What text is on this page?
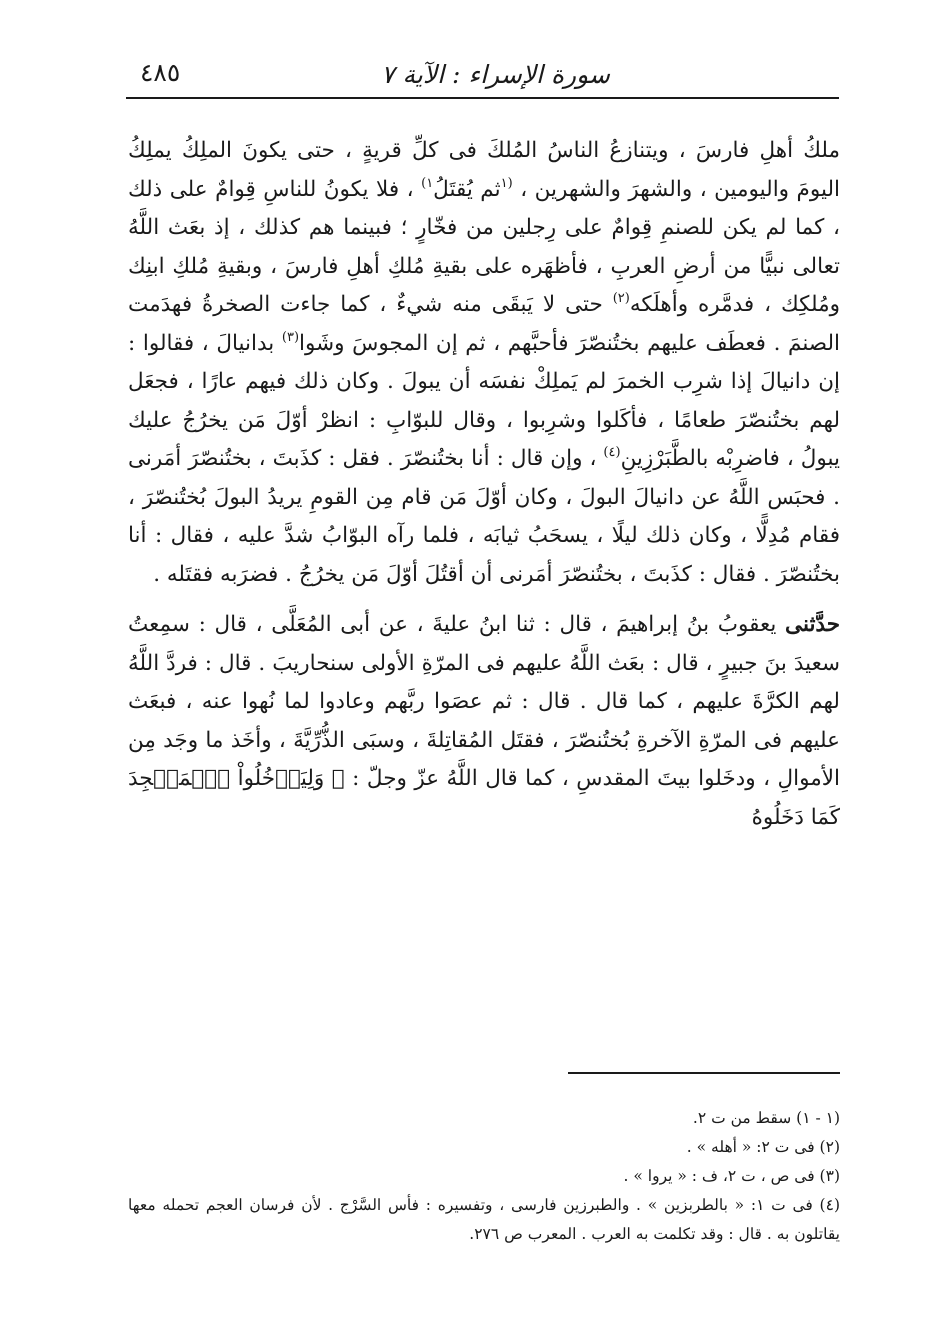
سورة الإسراء : الآية ٧
٤٨٥

ملكُ أهلِ فارسَ ، ويتنازعُ الناسُ المُلكَ فى كلِّ قريةٍ ، حتى يكونَ الملِكُ يملِكُ اليومَ واليومين ، والشهرَ والشهرين ، $^{(١}$ثم يُقتَلُ$^{١)}$ ، فلا يكونُ للناسِ قِوامٌ على ذلك ، كما لم يكن للصنمِ قِوامٌ على رِجلين من فخّارٍ ؛ فبينما هم كذلك ، إذ بعَث اللَّهُ تعالى نبيًّا من أرضِ العربِ ، فأظهَره على بقيةِ مُلكِ أهلِ فارسَ ، وبقيةِ مُلكِ ابنِك ومُلكِك ، فدمَّره وأهلَكه$^{(٢)}$ حتى لا يَبقَى منه شيءٌ ، كما جاءت الصخرةُ فهدَمت الصنمَ . فعطَف عليهم بختُنصّرَ فأحبَّهم ، ثم إن المجوسَ وشَوا$^{(٣)}$ بدانيالَ ، فقالوا : إن دانيالَ إذا شرِب الخمرَ لم يَملِكْ نفسَه أن يبولَ . وكان ذلك فيهم عارًا ، فجعَل لهم بختُنصّرَ طعامًا ، فأكَلوا وشرِبوا ، وقال للبوّابِ : انظرْ أوّلَ مَن يخرُجُ عليك يبولُ ، فاضرِبْه بالطَّبَرْزِينِ$^{(٤)}$ ، وإن قال : أنا بختُنصّرَ . فقل : كذَبتَ ، بختُنصّرَ أمَرنى . فحبَس اللَّهُ عن دانيالَ البولَ ، وكان أوّلَ مَن قام مِن القومِ يريدُ البولَ بُختُنصّرَ ، فقام مُدِلًّا ، وكان ذلك ليلًا ، يسحَبُ ثيابَه ، فلما رآه البوّابُ شدَّ عليه ، فقال : أنا بختُنصّرَ . فقال : كذَبتَ ، بختُنصّرَ أمَرنى أن أقتُلَ أوّلَ مَن يخرُجُ . فضرَبه فقتَله .

حدَّثنى يعقوبُ بنُ إبراهيمَ ، قال : ثنا ابنُ عليةَ ، عن أبى المُعَلَّى ، قال : سمِعتُ سعيدَ بنَ جبيرٍ ، قال : بعَث اللَّهُ عليهم فى المرّةِ الأولى سنحاريبَ . قال : فردَّ اللَّهُ لهم الكرَّةَ عليهم ، كما قال . قال : ثم عصَوا ربَّهم وعادوا لما نُهوا عنه ، فبعَث عليهم فى المرّةِ الآخرةِ بُختُنصّرَ ، فقتَل المُقاتِلةَ ، وسبَى الذُّرِّيَّةَ ، وأخَذ ما وجَد مِن الأموالِ ، ودخَلوا بيتَ المقدسِ ، كما قال اللَّهُ عزّ وجلّ : ﴿ وَلِيَدۡخُلُواْ ٱلۡمَسۡجِدَ كَمَا دَخَلُوهُ

(١ - ١) سقط من ت ٢.
(٢) فى ت ٢: « أهله » .
(٣) فى ص ، ت ٢، ف : « يروا » .
(٤) فى ت ١: « بالطربزين » . والطبرزين فارسى ، وتفسيره : فأس السَّرْج . لأن فرسان العجم تحمله معها يقاتلون به . قال : وقد تكلمت به العرب . المعرب ص ٢٧٦.
